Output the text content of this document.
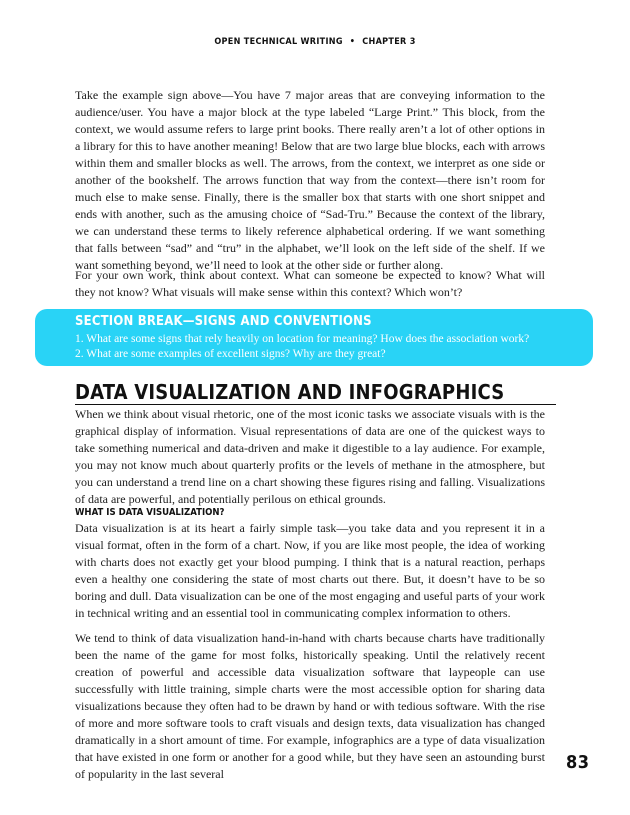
OPEN TECHNICAL WRITING • CHAPTER 3

Take the example sign above—You have 7 major areas that are conveying information to the audience/user. You have a major block at the type labeled “Large Print.” This block, from the context, we would assume refers to large print books. There really aren’t a lot of other options in a library for this to have another meaning! Below that are two large blue blocks, each with arrows within them and smaller blocks as well. The arrows, from the context, we interpret as one side or another of the bookshelf. The arrows function that way from the context—there isn’t room for much else to make sense. Finally, there is the smaller box that starts with one short snippet and ends with another, such as the amusing choice of “Sad-Tru.” Because the context of the library, we can understand these terms to likely reference alphabetical ordering. If we want something that falls between “sad” and “tru” in the alphabet, we’ll look on the left side of the shelf. If we want something beyond, we’ll need to look at the other side or further along.

For your own work, think about context. What can someone be expected to know? What will they not know? What visuals will make sense within this context? Which won’t?

SECTION BREAK—SIGNS AND CONVENTIONS

1. What are some signs that rely heavily on location for meaning? How does the association work?

2. What are some examples of excellent signs? Why are they great?

DATA VISUALIZATION AND INFOGRAPHICS

When we think about visual rhetoric, one of the most iconic tasks we associate visuals with is the graphical display of information. Visual representations of data are one of the quickest ways to take something numerical and data-driven and make it digestible to a lay audience. For example, you may not know much about quarterly profits or the levels of methane in the atmosphere, but you can understand a trend line on a chart showing these figures rising and falling. Visualizations of data are powerful, and potentially perilous on ethical grounds.

WHAT IS DATA VISUALIZATION?

Data visualization is at its heart a fairly simple task—you take data and you represent it in a visual format, often in the form of a chart. Now, if you are like most people, the idea of working with charts does not exactly get your blood pumping. I think that is a natural reaction, perhaps even a healthy one considering the state of most charts out there. But, it doesn’t have to be so boring and dull. Data visualization can be one of the most engaging and useful parts of your work in technical writing and an essential tool in communicating complex information to others.

We tend to think of data visualization hand-in-hand with charts because charts have traditionally been the name of the game for most folks, historically speaking. Until the relatively recent creation of powerful and accessible data visualization software that laypeople can use successfully with little training, simple charts were the most accessible option for sharing data visualizations because they often had to be drawn by hand or with tedious software. With the rise of more and more software tools to craft visuals and design texts, data visualization has changed dramatically in a short amount of time. For example, infographics are a type of data visualization that have existed in one form or another for a good while, but they have seen an astounding burst of popularity in the last several

83
